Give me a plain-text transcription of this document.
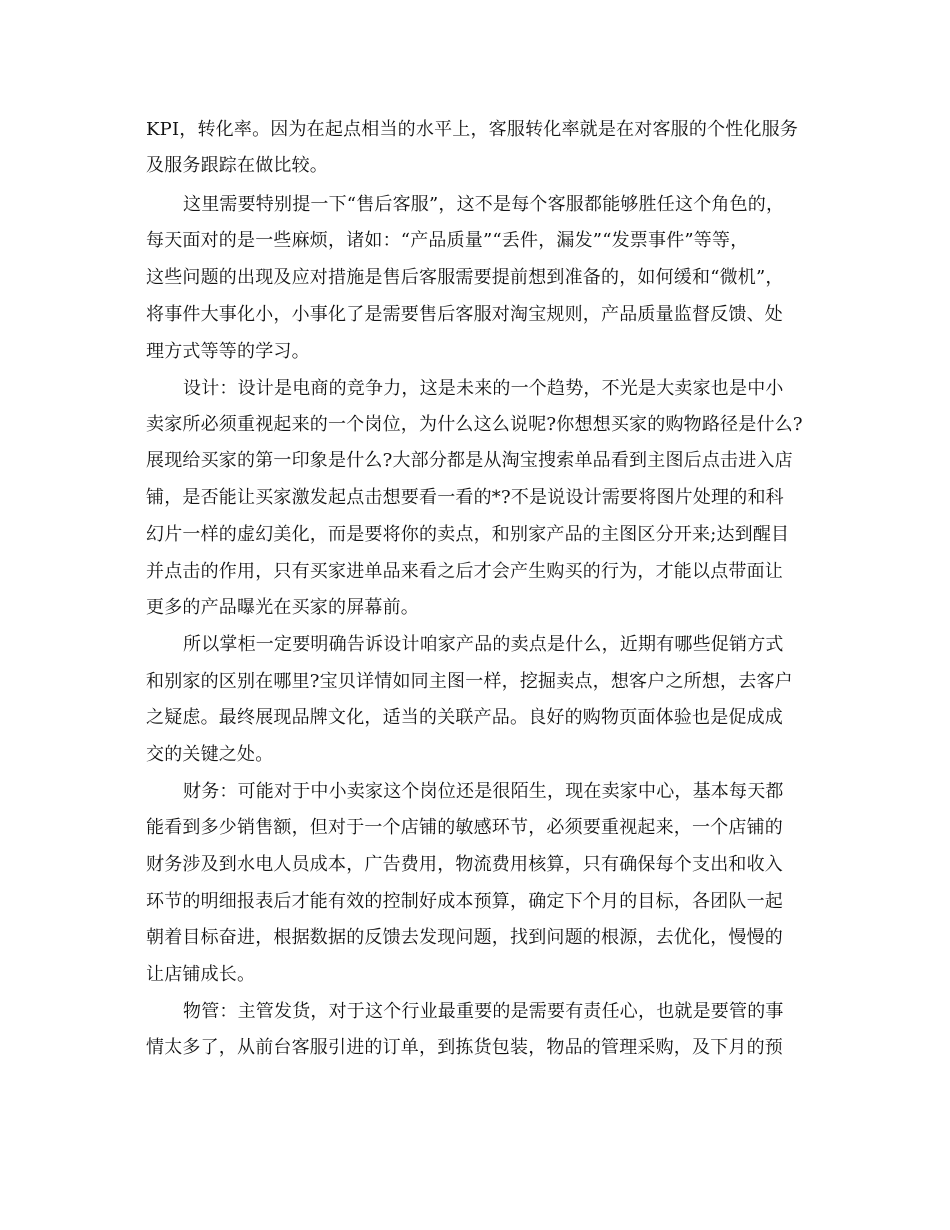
KPI，转化率。因为在起点相当的水平上，客服转化率就是在对客服的个性化服务
及服务跟踪在做比较。
这里需要特别提一下“售后客服”，这不是每个客服都能够胜任这个角色的，
每天面对的是一些麻烦，诸如：“产品质量”“丢件，漏发”“发票事件”等等，
这些问题的出现及应对措施是售后客服需要提前想到准备的，如何缓和“微机”，
将事件大事化小，小事化了是需要售后客服对淘宝规则，产品质量监督反馈、处
理方式等等的学习。
设计：设计是电商的竞争力，这是未来的一个趋势，不光是大卖家也是中小
卖家所必须重视起来的一个岗位，为什么这么说呢?你想想买家的购物路径是什么?
展现给买家的第一印象是什么?大部分都是从淘宝搜索单品看到主图后点击进入店
铺，是否能让买家激发起点击想要看一看的*?不是说设计需要将图片处理的和科
幻片一样的虚幻美化，而是要将你的卖点，和别家产品的主图区分开来;达到醒目
并点击的作用，只有买家进单品来看之后才会产生购买的行为，才能以点带面让
更多的产品曝光在买家的屏幕前。
所以掌柜一定要明确告诉设计咱家产品的卖点是什么，近期有哪些促销方式
和别家的区别在哪里?宝贝详情如同主图一样，挖掘卖点，想客户之所想，去客户
之疑虑。最终展现品牌文化，适当的关联产品。良好的购物页面体验也是促成成
交的关键之处。
财务：可能对于中小卖家这个岗位还是很陌生，现在卖家中心，基本每天都
能看到多少销售额，但对于一个店铺的敏感环节，必须要重视起来，一个店铺的
财务涉及到水电人员成本，广告费用，物流费用核算，只有确保每个支出和收入
环节的明细报表后才能有效的控制好成本预算，确定下个月的目标，各团队一起
朝着目标奋进，根据数据的反馈去发现问题，找到问题的根源，去优化，慢慢的
让店铺成长。
物管：主管发货，对于这个行业最重要的是需要有责任心，也就是要管的事
情太多了，从前台客服引进的订单，到拣货包装，物品的管理采购，及下月的预
